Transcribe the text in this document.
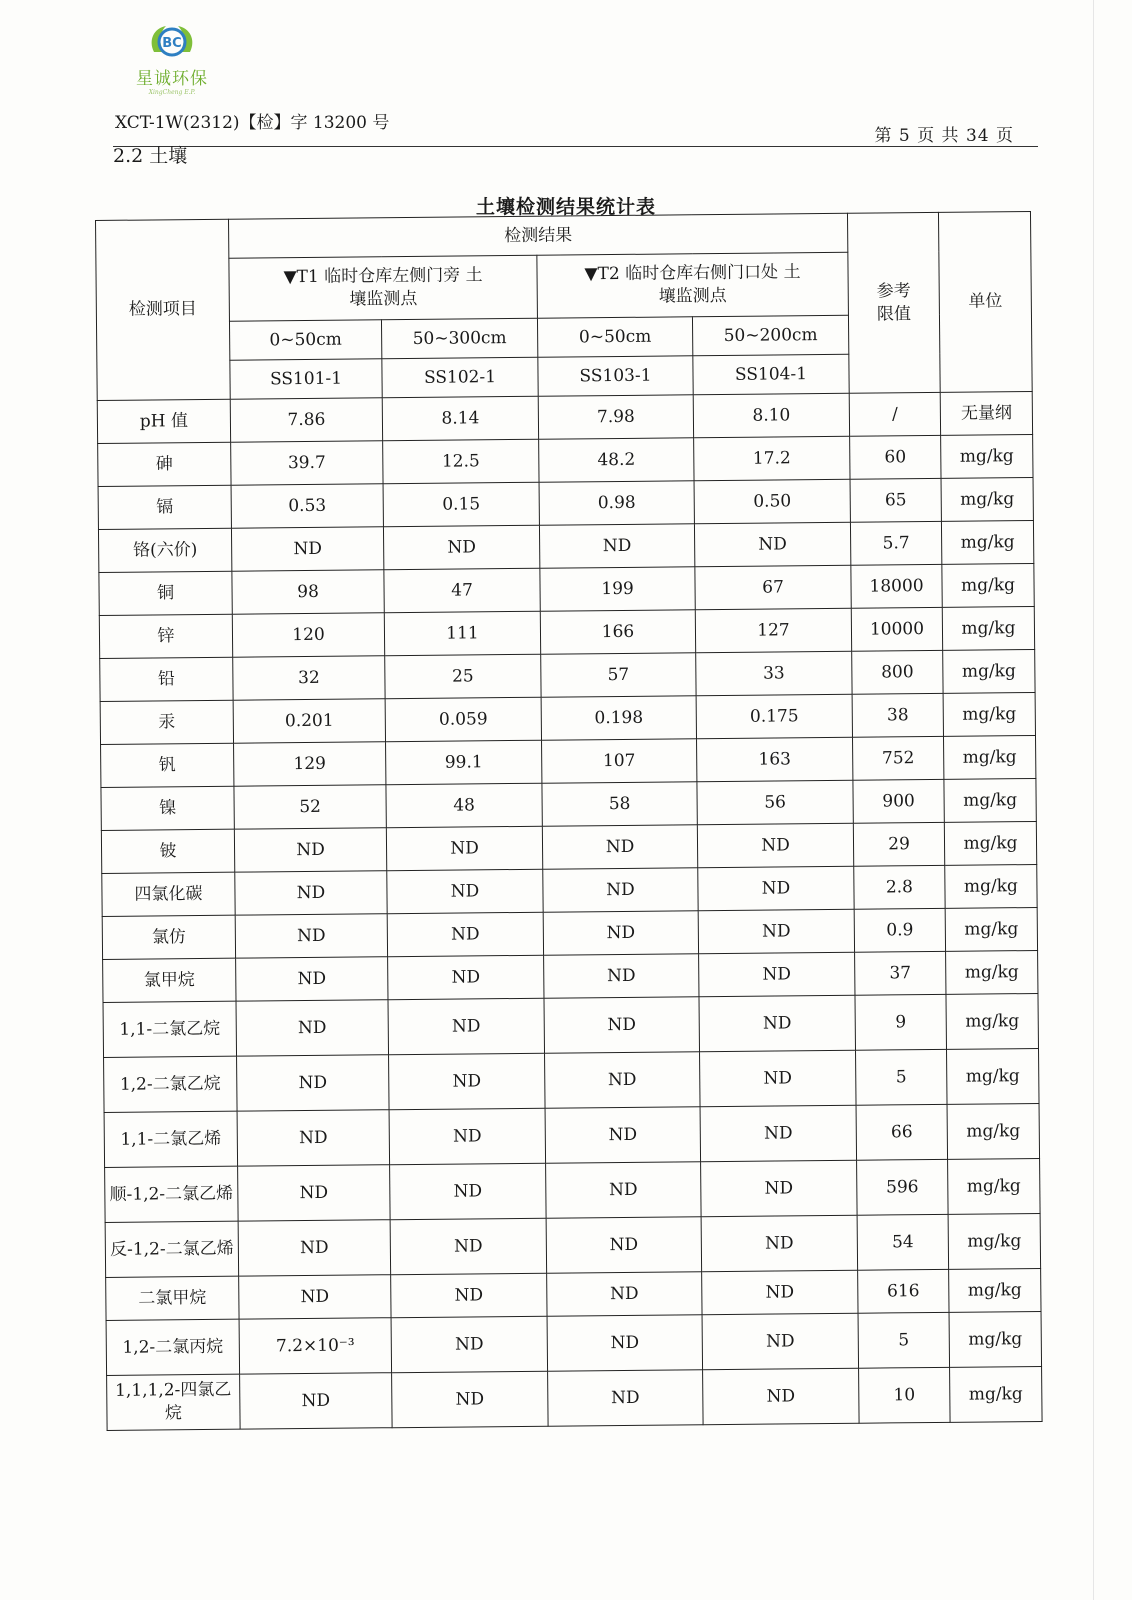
BC
星诚环保
XingCheng E.P.
XCT-1W(2312)【检】字 13200 号
第 5 页 共 34 页
2.2 土壤
土壤检测结果统计表
检测项目	检测结果				参考限值	单位
	▼T1 临时仓库左侧门旁 土壤监测点		▼T2 临时仓库右侧门口处 土壤监测点			
	0~50cm	50~300cm	0~50cm	50~200cm		
	SS101-1	SS102-1	SS103-1	SS104-1		
pH 值	7.86	8.14	7.98	8.10	/	无量纲
砷	39.7	12.5	48.2	17.2	60	mg/kg
镉	0.53	0.15	0.98	0.50	65	mg/kg
铬(六价)	ND	ND	ND	ND	5.7	mg/kg
铜	98	47	199	67	18000	mg/kg
锌	120	111	166	127	10000	mg/kg
铅	32	25	57	33	800	mg/kg
汞	0.201	0.059	0.198	0.175	38	mg/kg
钒	129	99.1	107	163	752	mg/kg
镍	52	48	58	56	900	mg/kg
铍	ND	ND	ND	ND	29	mg/kg
四氯化碳	ND	ND	ND	ND	2.8	mg/kg
氯仿	ND	ND	ND	ND	0.9	mg/kg
氯甲烷	ND	ND	ND	ND	37	mg/kg
1,1-二氯乙烷	ND	ND	ND	ND	9	mg/kg
1,2-二氯乙烷	ND	ND	ND	ND	5	mg/kg
1,1-二氯乙烯	ND	ND	ND	ND	66	mg/kg
顺-1,2-二氯乙烯	ND	ND	ND	ND	596	mg/kg
反-1,2-二氯乙烯	ND	ND	ND	ND	54	mg/kg
二氯甲烷	ND	ND	ND	ND	616	mg/kg
1,2-二氯丙烷	7.2×10⁻³	ND	ND	ND	5	mg/kg
1,1,1,2-四氯乙烷	ND	ND	ND	ND	10	mg/kg
